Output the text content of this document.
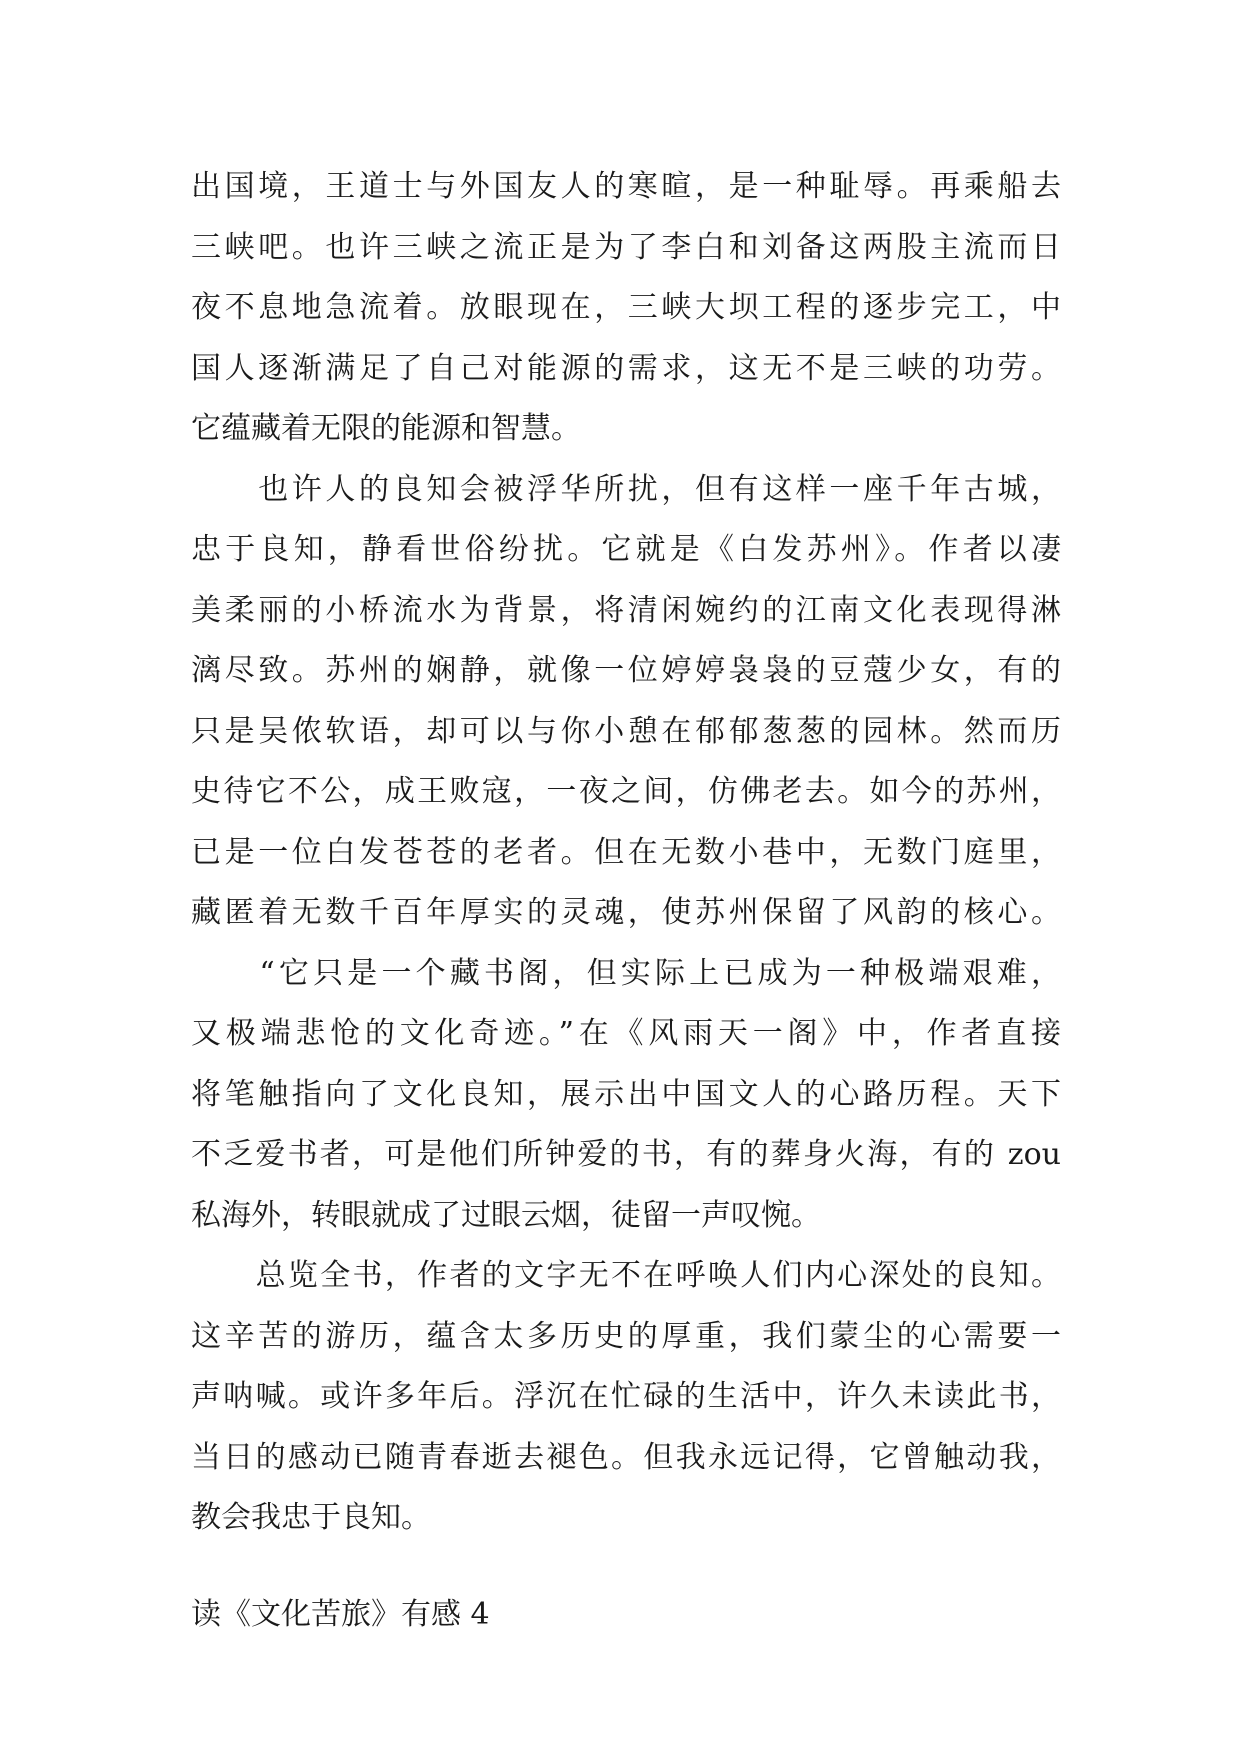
出国境，王道士与外国友人的寒暄，是一种耻辱。再乘船去
三峡吧。也许三峡之流正是为了李白和刘备这两股主流而日
夜不息地急流着。放眼现在，三峡大坝工程的逐步完工，中
国人逐渐满足了自己对能源的需求，这无不是三峡的功劳。
它蕴藏着无限的能源和智慧。
　　也许人的良知会被浮华所扰，但有这样一座千年古城，
忠于良知，静看世俗纷扰。它就是《白发苏州》。作者以凄
美柔丽的小桥流水为背景，将清闲婉约的江南文化表现得淋
漓尽致。苏州的娴静，就像一位婷婷袅袅的豆蔻少女，有的
只是吴侬软语，却可以与你小憩在郁郁葱葱的园林。然而历
史待它不公，成王败寇，一夜之间，仿佛老去。如今的苏州，
已是一位白发苍苍的老者。但在无数小巷中，无数门庭里，
藏匿着无数千百年厚实的灵魂，使苏州保留了风韵的核心。
　　“它只是一个藏书阁，但实际上已成为一种极端艰难，
又极端悲怆的文化奇迹。”在《风雨天一阁》中，作者直接
将笔触指向了文化良知，展示出中国文人的心路历程。天下
不乏爱书者，可是他们所钟爱的书，有的葬身火海，有的 zou
私海外，转眼就成了过眼云烟，徒留一声叹惋。
　　总览全书，作者的文字无不在呼唤人们内心深处的良知。
这辛苦的游历，蕴含太多历史的厚重，我们蒙尘的心需要一
声呐喊。或许多年后。浮沉在忙碌的生活中，许久未读此书，
当日的感动已随青春逝去褪色。但我永远记得，它曾触动我，
教会我忠于良知。
读《文化苦旅》有感 4
